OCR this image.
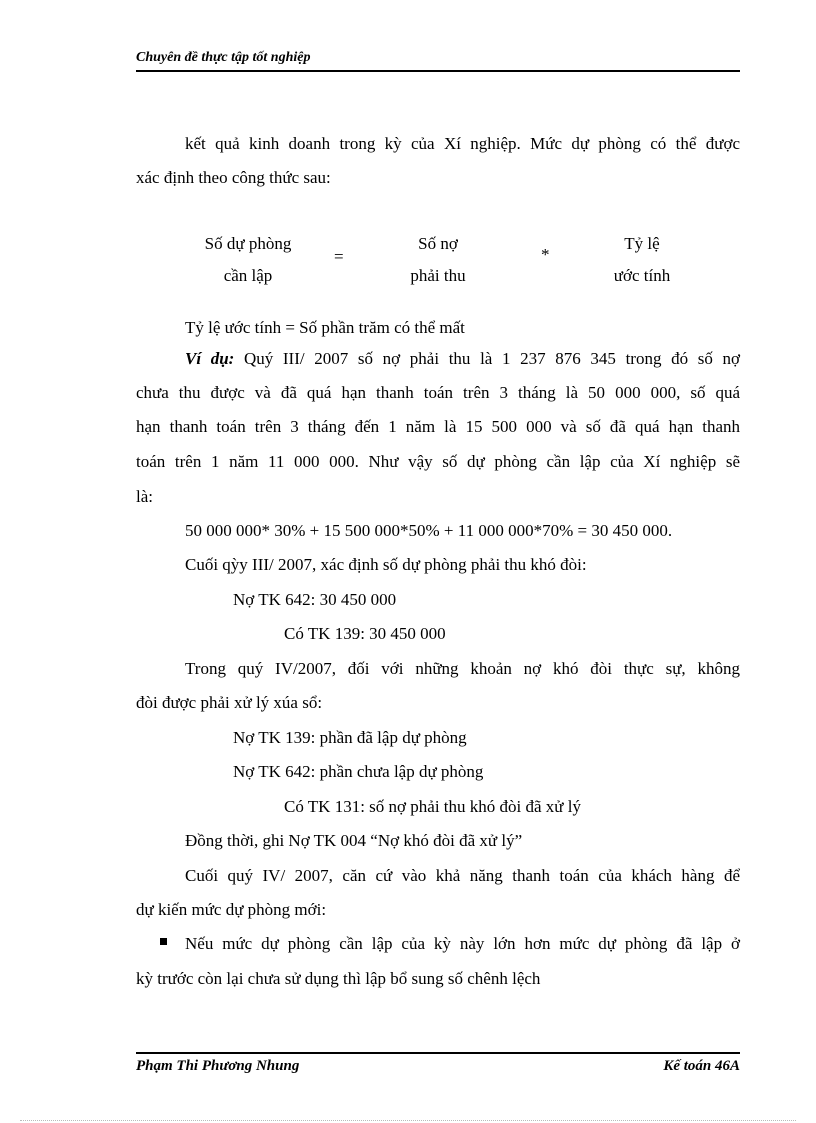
Chuyên đề thực tập tốt nghiệp
kết quả kinh doanh trong kỳ của Xí nghiệp. Mức dự phòng có thể được
xác định theo công thức sau:
Số dự phòng
cần lập
=
Số nợ
phải thu
*
Tỷ lệ
ước tính
Tỷ lệ ước tính = Số phần trăm có thể mất
Ví dụ: Quý III/ 2007 số nợ phải thu là 1 237 876 345 trong đó số nợ
chưa thu được và đã quá hạn thanh toán trên 3 tháng là 50 000 000, số quá
hạn thanh toán trên 3 tháng đến 1 năm là 15 500 000 và số đã quá hạn thanh
toán trên 1 năm 11 000 000. Như vậy số dự phòng cần lập của Xí nghiệp sẽ
là:
50 000 000* 30% + 15 500 000*50% + 11 000 000*70% = 30 450 000.
Cuối qỳy III/ 2007, xác định số dự phòng phải thu khó đòi:
Nợ TK 642: 30 450 000
Có TK 139: 30 450 000
Trong quý IV/2007, đối với những khoản nợ khó đòi thực sự, không
đòi được phải xử lý xúa sổ:
Nợ TK 139: phần đã lập dự phòng
Nợ TK 642: phần chưa lập dự phòng
Có TK 131: số nợ phải thu khó đòi đã xử lý
Đồng thời, ghi Nợ TK 004 “Nợ khó đòi đã xử lý”
Cuối quý IV/ 2007, căn cứ vào khả năng thanh toán của khách hàng để
dự kiến mức dự phòng mới:
Nếu mức dự phòng cần lập của kỳ này lớn hơn mức dự phòng đã lập ở
kỳ trước còn lại chưa sử dụng thì lập bổ sung số chênh lệch
Phạm Thi Phương Nhung	Kế toán 46A
